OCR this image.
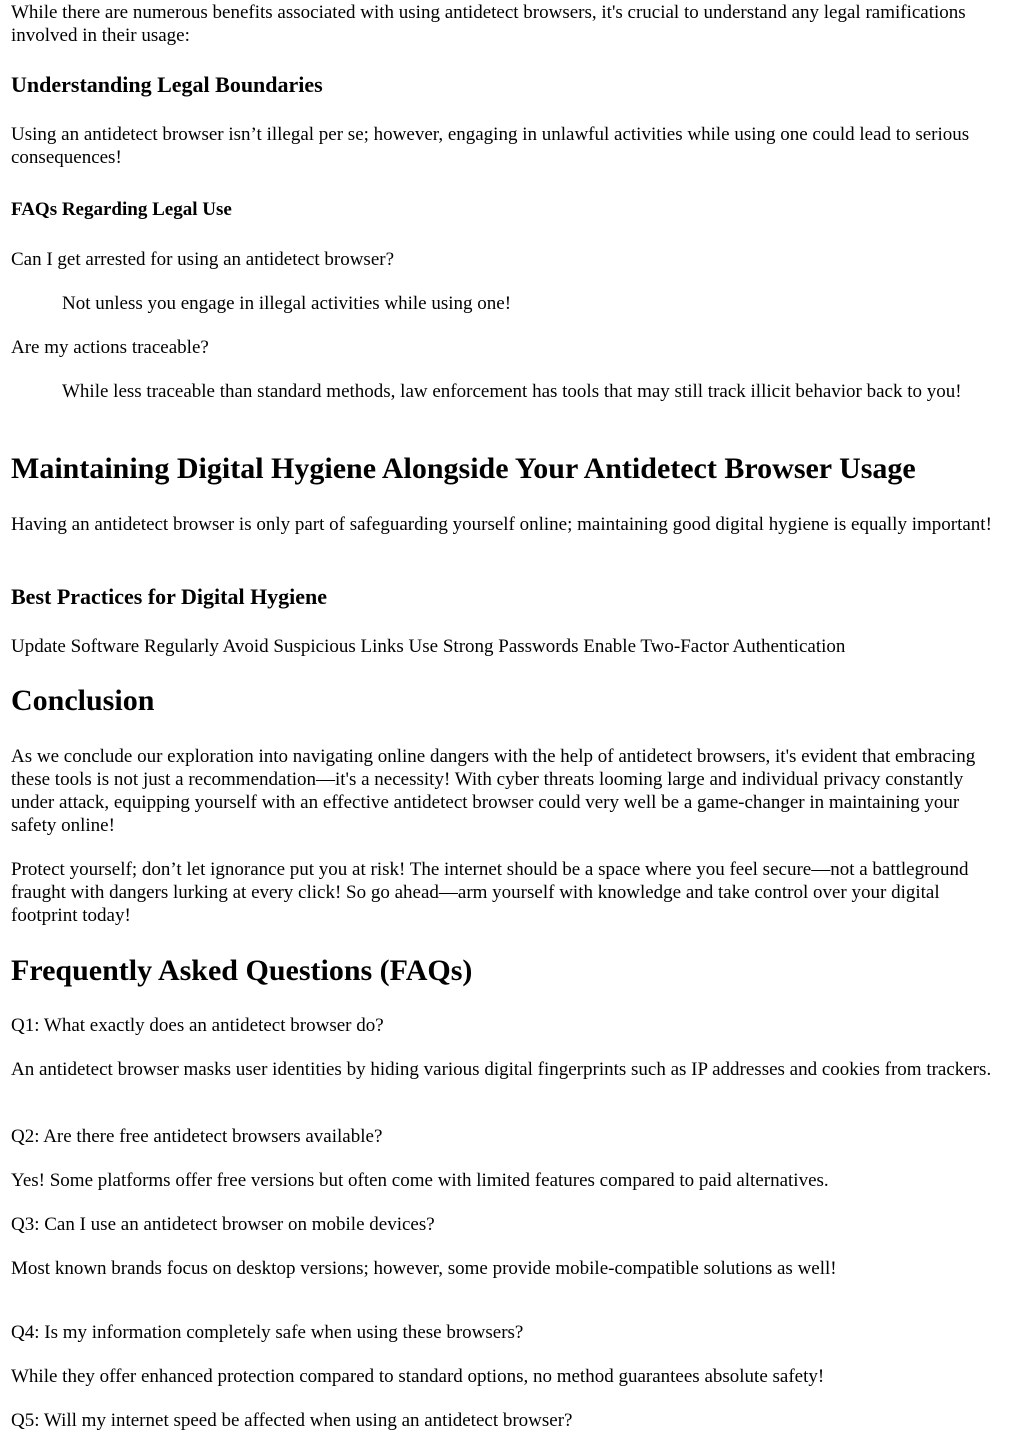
While there are numerous benefits associated with using antidetect browsers, it's crucial to understand any legal ramifications involved in their usage:

Understanding Legal Boundaries

Using an antidetect browser isn’t illegal per se; however, engaging in unlawful activities while using one could lead to serious consequences!

FAQs Regarding Legal Use

Can I get arrested for using an antidetect browser?

Not unless you engage in illegal activities while using one!

Are my actions traceable?

While less traceable than standard methods, law enforcement has tools that may still track illicit behavior back to you!

Maintaining Digital Hygiene Alongside Your Antidetect Browser Usage

Having an antidetect browser is only part of safeguarding yourself online; maintaining good digital hygiene is equally important!

Best Practices for Digital Hygiene

Update Software Regularly Avoid Suspicious Links Use Strong Passwords Enable Two-Factor Authentication

Conclusion

As we conclude our exploration into navigating online dangers with the help of antidetect browsers, it's evident that embracing these tools is not just a recommendation—it's a necessity! With cyber threats looming large and individual privacy constantly under attack, equipping yourself with an effective antidetect browser could very well be a game-changer in maintaining your safety online!

Protect yourself; don’t let ignorance put you at risk! The internet should be a space where you feel secure—not a battleground fraught with dangers lurking at every click! So go ahead—arm yourself with knowledge and take control over your digital footprint today!

Frequently Asked Questions (FAQs)

Q1: What exactly does an antidetect browser do?

An antidetect browser masks user identities by hiding various digital fingerprints such as IP addresses and cookies from trackers.

Q2: Are there free antidetect browsers available?

Yes! Some platforms offer free versions but often come with limited features compared to paid alternatives.

Q3: Can I use an antidetect browser on mobile devices?

Most known brands focus on desktop versions; however, some provide mobile-compatible solutions as well!

Q4: Is my information completely safe when using these browsers?

While they offer enhanced protection compared to standard options, no method guarantees absolute safety!

Q5: Will my internet speed be affected when using an antidetect browser?
